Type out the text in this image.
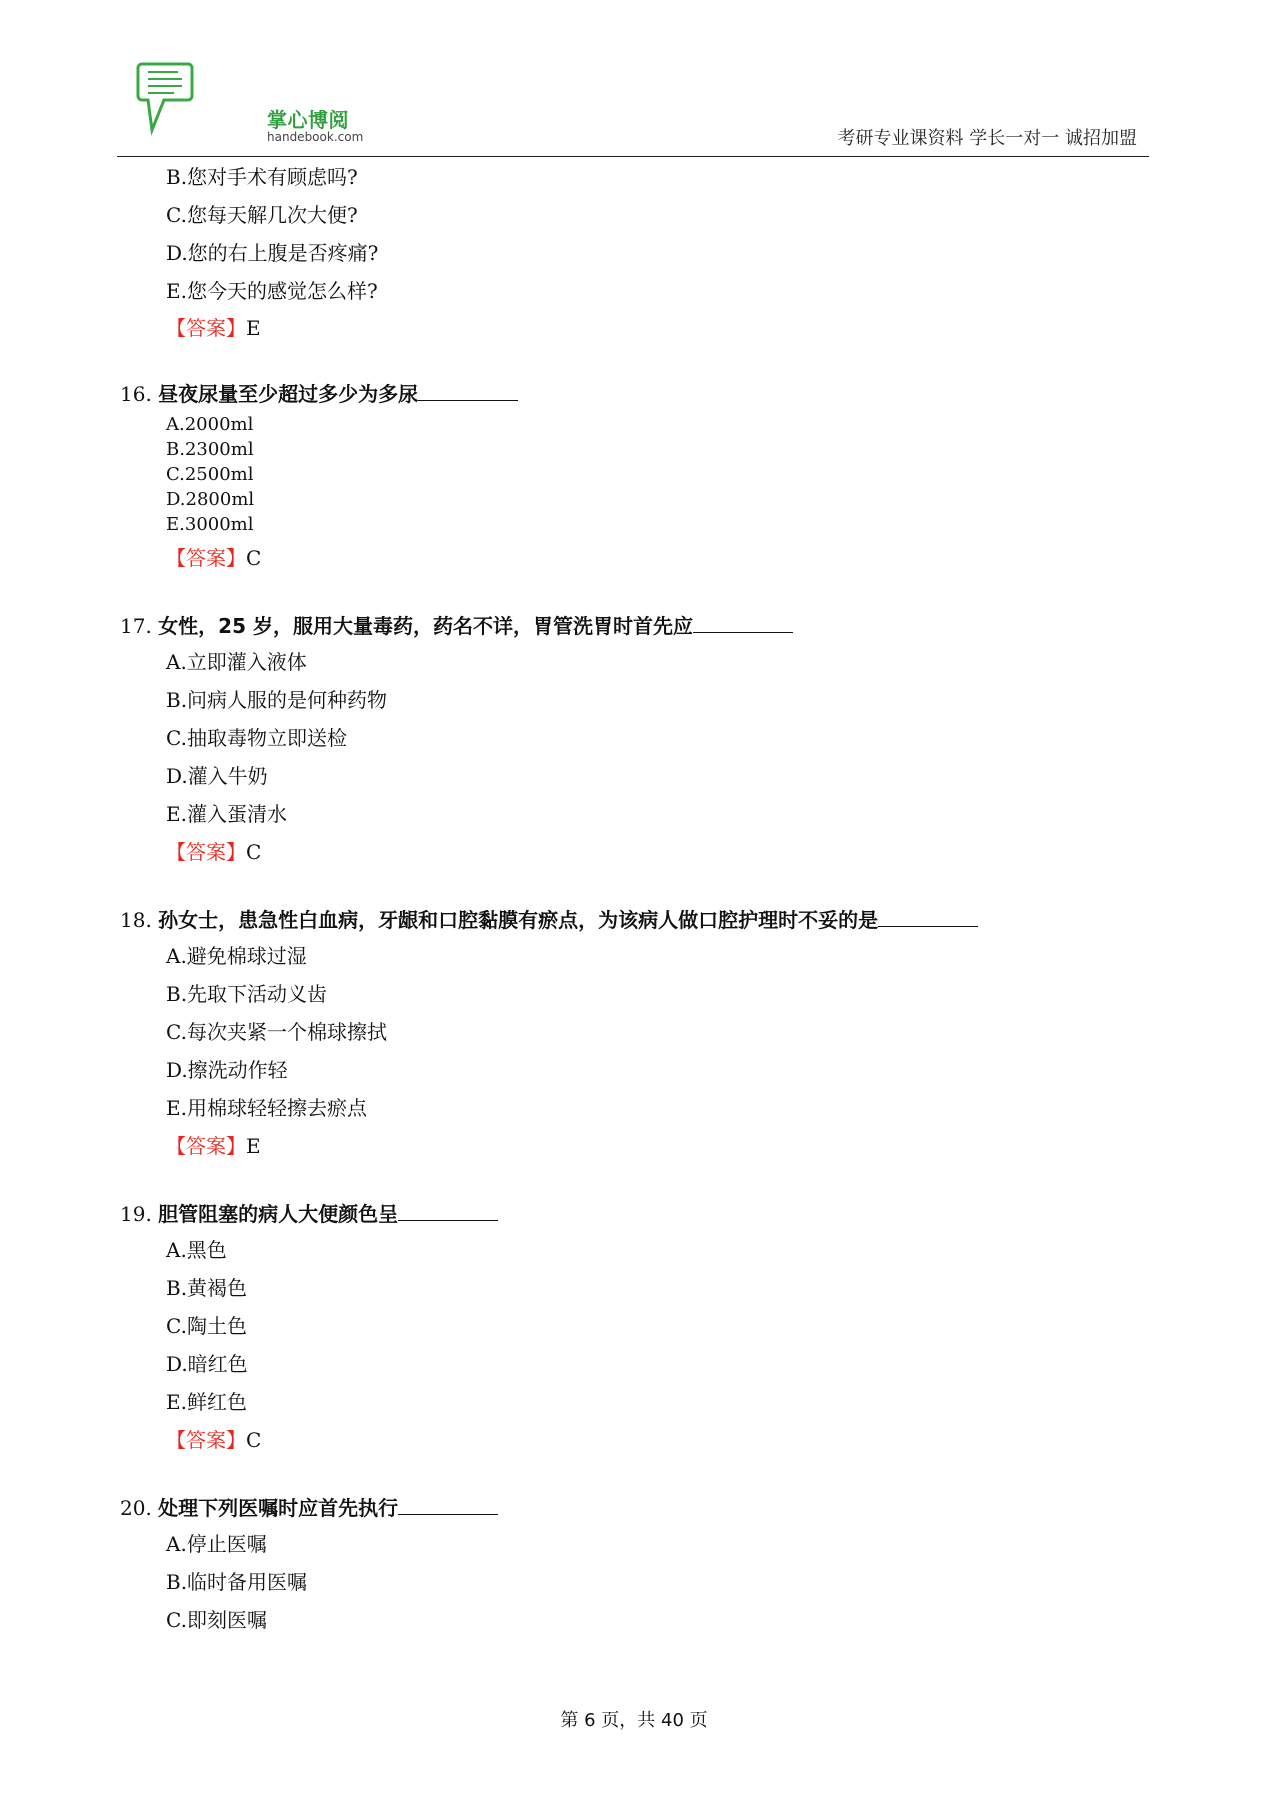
掌心博阅
handebook.com	考研专业课资料 学长一对一 诚招加盟
B.您对手术有顾虑吗?
C.您每天解几次大便?
D.您的右上腹是否疼痛?
E.您今天的感觉怎么样?
【答案】E
16. 昼夜尿量至少超过多少为多尿
A.2000ml
B.2300ml
C.2500ml
D.2800ml
E.3000ml
【答案】C
17. 女性，25 岁，服用大量毒药，药名不详，胃管洗胃时首先应
A.立即灌入液体
B.问病人服的是何种药物
C.抽取毒物立即送检
D.灌入牛奶
E.灌入蛋清水
【答案】C
18. 孙女士，患急性白血病，牙龈和口腔黏膜有瘀点，为该病人做口腔护理时不妥的是
A.避免棉球过湿
B.先取下活动义齿
C.每次夹紧一个棉球擦拭
D.擦洗动作轻
E.用棉球轻轻擦去瘀点
【答案】E
19. 胆管阻塞的病人大便颜色呈
A.黑色
B.黄褐色
C.陶土色
D.暗红色
E.鲜红色
【答案】C
20. 处理下列医嘱时应首先执行
A.停止医嘱
B.临时备用医嘱
C.即刻医嘱
第 6 页，共 40 页
